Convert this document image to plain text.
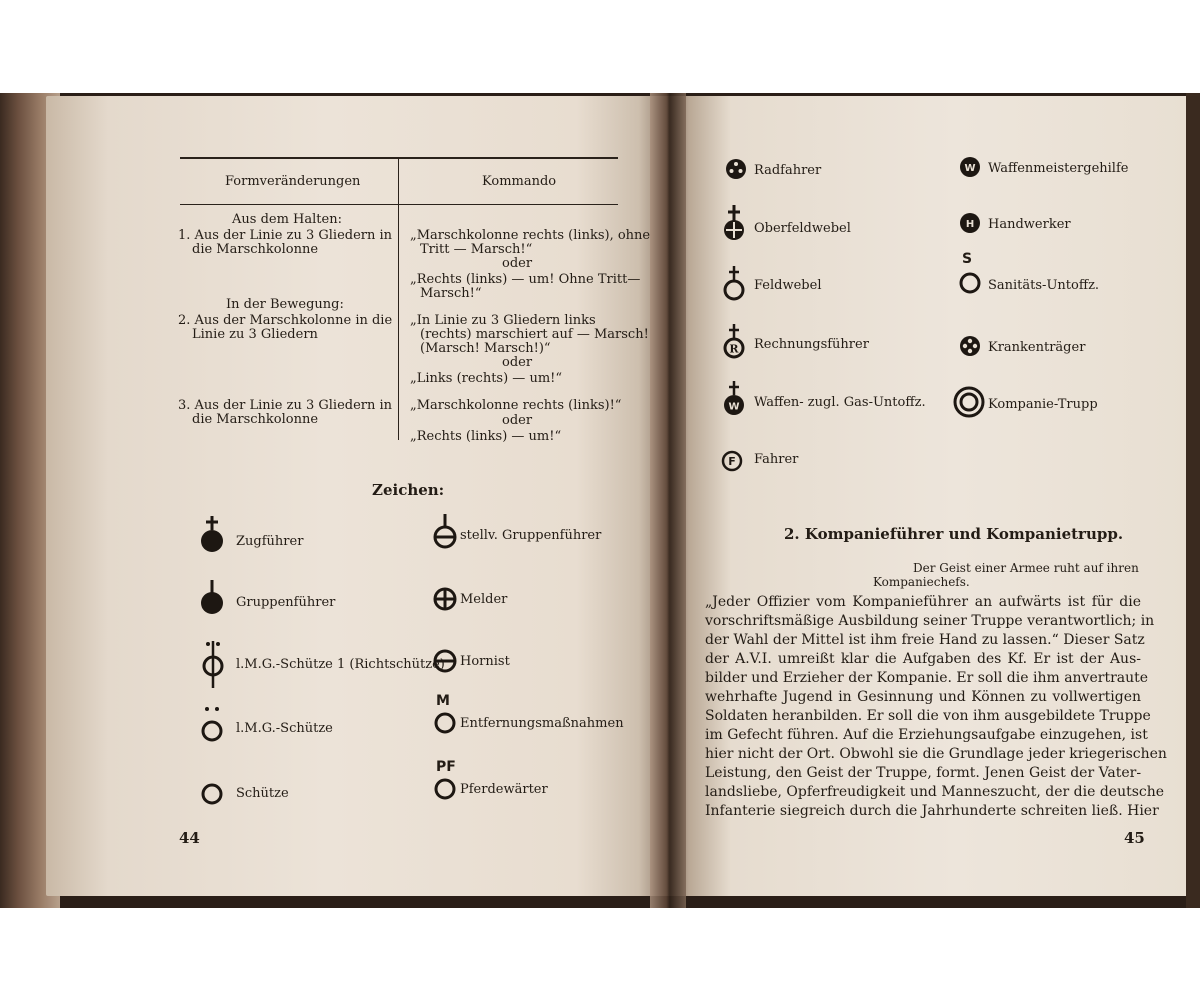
Formveränderungen	Kommando
Aus dem Halten:
1. Aus der Linie zu 3 Gliedern in
die Marschkolonne
„Marschkolonne rechts (links), ohne
Tritt — Marsch!“
oder
„Rechts (links) — um! Ohne Tritt—
Marsch!“
In der Bewegung:
2. Aus der Marschkolonne in die
Linie zu 3 Gliedern
„In Linie zu 3 Gliedern links
(rechts) marschiert auf — Marsch!
(Marsch! Marsch!)“
oder
„Links (rechts) — um!“
3. Aus der Linie zu 3 Gliedern in
die Marschkolonne
„Marschkolonne rechts (links)!“
oder
„Rechts (links) — um!“
Zeichen:
Zugführer
Gruppenführer
l.M.G.-Schütze 1 (Richtschütze)
l.M.G.-Schütze
Schütze
stellv. Gruppenführer
Melder
Hornist
M
Entfernungsmaßnahmen
PF
Pferdewärter
44
Radfahrer
Oberfeldwebel
Feldwebel
R Rechnungsführer
W Waffen- zugl. Gas-Untoffz.
F Fahrer
W Waffenmeistergehilfe
H Handwerker
S
Sanitäts-Untoffz.
Krankenträger
Kompanie-Trupp
2. Kompanieführer und Kompanietrupp.
Der Geist einer Armee ruht auf ihren
Kompaniechefs.
„Jeder Offizier vom Kompanieführer an aufwärts ist für die
vorschriftsmäßige Ausbildung seiner Truppe verantwortlich; in
der Wahl der Mittel ist ihm freie Hand zu lassen.“ Dieser Satz
der A.V.I. umreißt klar die Aufgaben des Kf. Er ist der Aus-
bilder und Erzieher der Kompanie. Er soll die ihm anvertraute
wehrhafte Jugend in Gesinnung und Können zu vollwertigen
Soldaten heranbilden. Er soll die von ihm ausgebildete Truppe
im Gefecht führen. Auf die Erziehungsaufgabe einzugehen, ist
hier nicht der Ort. Obwohl sie die Grundlage jeder kriegerischen
Leistung, den Geist der Truppe, formt. Jenen Geist der Vater-
landsliebe, Opferfreudigkeit und Manneszucht, der die deutsche
Infanterie siegreich durch die Jahrhunderte schreiten ließ. Hier
45
